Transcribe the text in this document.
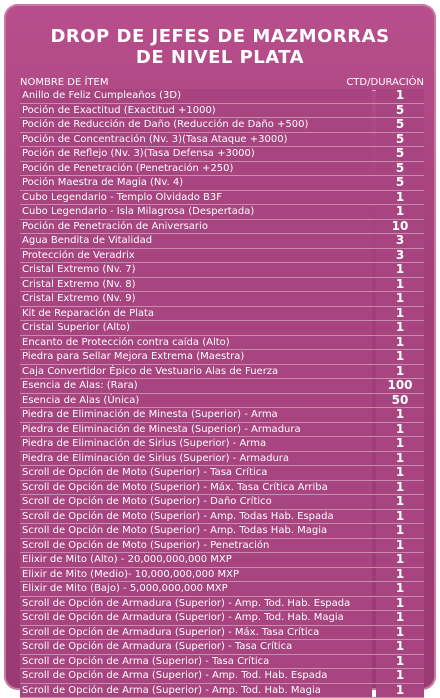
DROP DE JEFES DE MAZMORRAS
DE NIVEL PLATA
NOMBRE DE ÍTEM	CTD/DURACIÓN
Anillo de Feliz Cumpleaños (3D)	1
Poción de Exactitud (Exactitud +1000)	5
Poción de Reducción de Daño (Reducción de Daño +500)	5
Poción de Concentración (Nv. 3)(Tasa Ataque +3000)	5
Poción de Reflejo (Nv. 3)(Tasa Defensa +3000)	5
Poción de Penetración (Penetración +250)	5
Poción Maestra de Magia (Nv. 4)	5
Cubo Legendario - Templo Olvidado B3F	1
Cubo Legendario - Isla Milagrosa (Despertada)	1
Poción de Penetración de Aniversario	10
Agua Bendita de Vitalidad	3
Protección de Veradrix	3
Cristal Extremo (Nv. 7)	1
Cristal Extremo (Nv. 8)	1
Cristal Extremo (Nv. 9)	1
Kit de Reparación de Plata	1
Cristal Superior (Alto)	1
Encanto de Protección contra caída (Alto)	1
Piedra para Sellar Mejora Extrema (Maestra)	1
Caja Convertidor Épico de Vestuario Alas de Fuerza	1
Esencia de Alas: (Rara)	100
Esencia de Alas (Única)	50
Piedra de Eliminación de Minesta (Superior) - Arma	1
Piedra de Eliminación de Minesta (Superior) - Armadura	1
Piedra de Eliminación de Sirius (Superior) - Arma	1
Piedra de Eliminación de Sirius (Superior) - Armadura	1
Scroll de Opción de Moto (Superior) - Tasa Crítica	1
Scroll de Opción de Moto (Superior) - Máx. Tasa Crítica Arriba	1
Scroll de Opción de Moto (Superior) - Daño Crítico	1
Scroll de Opción de Moto (Superior) - Amp. Todas Hab. Espada	1
Scroll de Opción de Moto (Superior) - Amp. Todas Hab. Magia	1
Scroll de Opción de Moto (Superior) - Penetración	1
Elixir de Mito (Alto) - 20,000,000,000 MXP	1
Elixir de Mito (Medio)- 10,000,000,000 MXP	1
Elixir de Mito (Bajo) - 5,000,000,000 MXP	1
Scroll de Opción de Armadura (Superior) - Amp. Tod. Hab. Espada	1
Scroll de Opción de Armadura (Superior) - Amp. Tod. Hab. Magia	1
Scroll de Opción de Armadura (Superior) - Máx. Tasa Crítica	1
Scroll de Opción de Armadura (Superior) - Tasa Crítica	1
Scroll de Opción de Arma (Superior) - Tasa Crítica	1
Scroll de Opción de Arma (Superior) - Amp. Tod. Hab. Espada	1
Scroll de Opción de Arma (Superior) - Amp. Tod. Hab. Magia	1
